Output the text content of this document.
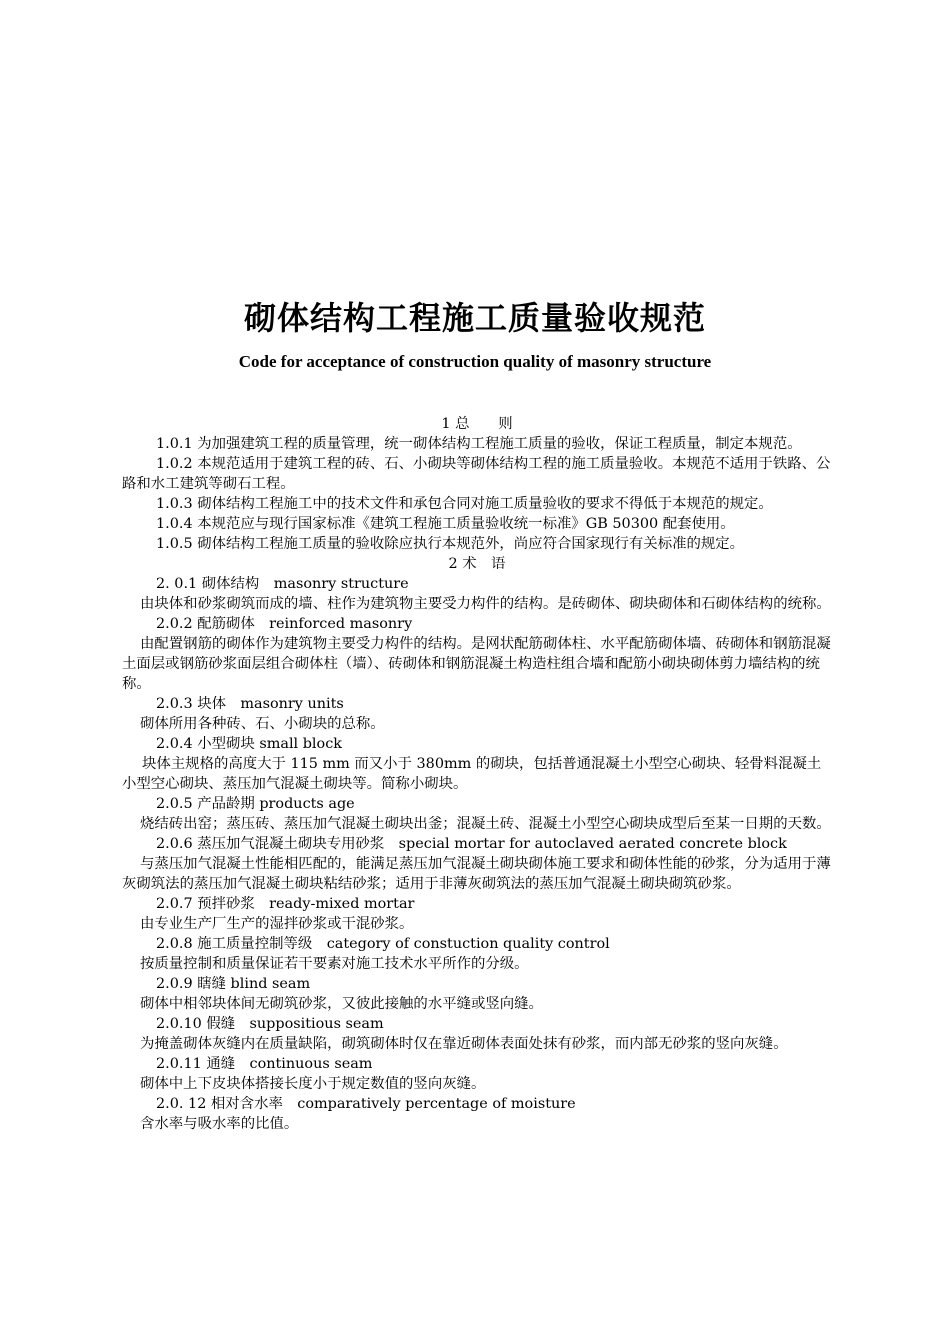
砌体结构工程施工质量验收规范
Code for acceptance of construction quality of masonry structure

1 总　　则

1.0.1 为加强建筑工程的质量管理，统一砌体结构工程施工质量的验收，保证工程质量，制定本规范。

1.0.2 本规范适用于建筑工程的砖、石、小砌块等砌体结构工程的施工质量验收。本规范不适用于铁路、公路和水工建筑等砌石工程。

1.0.3 砌体结构工程施工中的技术文件和承包合同对施工质量验收的要求不得低于本规范的规定。

1.0.4 本规范应与现行国家标准《建筑工程施工质量验收统一标准》GB 50300 配套使用。

1.0.5 砌体结构工程施工质量的验收除应执行本规范外，尚应符合国家现行有关标准的规定。

2 术　语

2. 0.1 砌体结构　masonry structure

由块体和砂浆砌筑而成的墙、柱作为建筑物主要受力构件的结构。是砖砌体、砌块砌体和石砌体结构的统称。

2.0.2 配筋砌体　reinforced masonry

由配置钢筋的砌体作为建筑物主要受力构件的结构。是网状配筋砌体柱、水平配筋砌体墙、砖砌体和钢筋混凝土面层或钢筋砂浆面层组合砌体柱（墙）、砖砌体和钢筋混凝土构造柱组合墙和配筋小砌块砌体剪力墙结构的统称。

2.0.3 块体　masonry units

砌体所用各种砖、石、小砌块的总称。

2.0.4 小型砌块 small block

块体主规格的高度大于 115 mm 而又小于 380mm 的砌块，包括普通混凝土小型空心砌块、轻骨料混凝土小型空心砌块、蒸压加气混凝土砌块等。简称小砌块。

2.0.5 产品龄期 products age

烧结砖出窑；蒸压砖、蒸压加气混凝土砌块出釜；混凝土砖、混凝土小型空心砌块成型后至某一日期的天数。

2.0.6 蒸压加气混凝土砌块专用砂浆　special mortar for autoclaved aerated concrete block

与蒸压加气混凝土性能相匹配的，能满足蒸压加气混凝土砌块砌体施工要求和砌体性能的砂浆，分为适用于薄灰砌筑法的蒸压加气混凝土砌块粘结砂浆；适用于非薄灰砌筑法的蒸压加气混凝土砌块砌筑砂浆。

2.0.7 预拌砂浆　ready-mixed mortar

由专业生产厂生产的湿拌砂浆或干混砂浆。

2.0.8 施工质量控制等级　category of constuction quality control

按质量控制和质量保证若干要素对施工技术水平所作的分级。

2.0.9 瞎缝 blind seam

砌体中相邻块体间无砌筑砂浆，又彼此接触的水平缝或竖向缝。

2.0.10 假缝　suppositious seam

为掩盖砌体灰缝内在质量缺陷，砌筑砌体时仅在靠近砌体表面处抹有砂浆，而内部无砂浆的竖向灰缝。

2.0.11 通缝　continuous seam

砌体中上下皮块体搭接长度小于规定数值的竖向灰缝。

2.0. 12 相对含水率　comparatively percentage of moisture

含水率与吸水率的比值。
